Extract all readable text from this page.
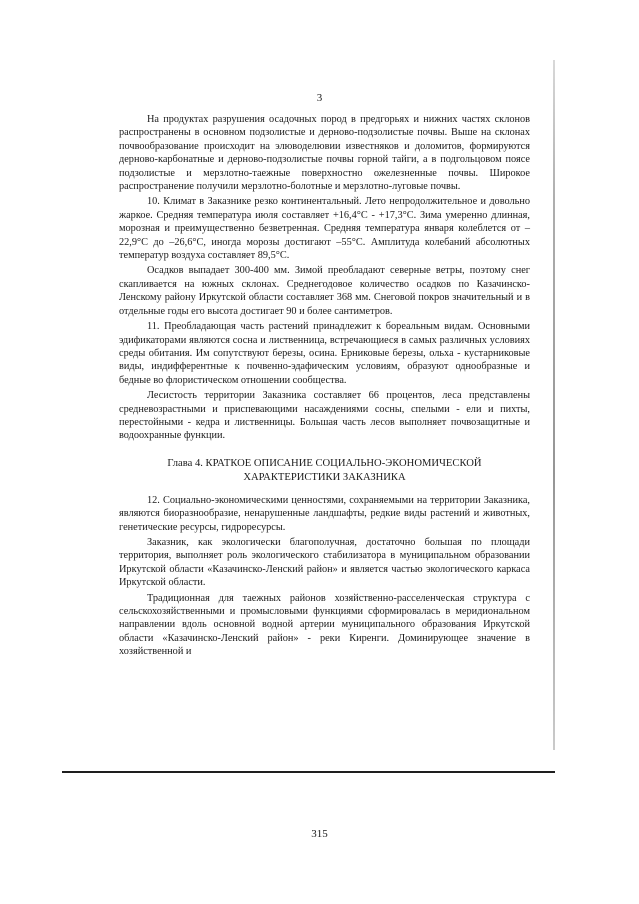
3

На продуктах разрушения осадочных пород в предгорьях и нижних частях склонов распространены в основном подзолистые и дерново-подзолистые почвы. Выше на склонах почвообразование происходит на элюводелювии известняков и доломитов, формируются дерново-карбонатные и дерново-подзолистые почвы горной тайги, а в подгольцовом поясе подзолистые и мерзлотно-таежные поверхностно ожелезненные почвы. Широкое распространение получили мерзлотно-болотные и мерзлотно-луговые почвы.

10. Климат в Заказнике резко континентальный. Лето непродолжительное и довольно жаркое. Средняя температура июля составляет +16,4°С - +17,3°С. Зима умеренно длинная, морозная и преимущественно безветренная. Средняя температура января колеблется от –22,9°С до –26,6°С, иногда морозы достигают –55°С. Амплитуда колебаний абсолютных температур воздуха составляет 89,5°С.

Осадков выпадает 300-400 мм. Зимой преобладают северные ветры, поэтому снег скапливается на южных склонах. Среднегодовое количество осадков по Казачинско-Ленскому району Иркутской области составляет 368 мм. Снеговой покров значительный и в отдельные годы его высота достигает 90 и более сантиметров.

11. Преобладающая часть растений принадлежит к бореальным видам. Основными эдификаторами являются сосна и лиственница, встречающиеся в самых различных условиях среды обитания. Им сопутствуют березы, осина. Ерниковые березы, ольха - кустарниковые виды, индифферентные к почвенно-эдафическим условиям, образуют однообразные и бедные во флористическом отношении сообщества.

Лесистость территории Заказника составляет 66 процентов, леса представлены средневозрастными и приспевающими насаждениями сосны, спелыми - ели и пихты, перестойными - кедра и лиственницы. Большая часть лесов выполняет почвозащитные и водоохранные функции.

Глава 4. КРАТКОЕ ОПИСАНИЕ СОЦИАЛЬНО-ЭКОНОМИЧЕСКОЙ
ХАРАКТЕРИСТИКИ ЗАКАЗНИКА

12. Социально-экономическими ценностями, сохраняемыми на территории Заказника, являются биоразнообразие, ненарушенные ландшафты, редкие виды растений и животных, генетические ресурсы, гидроресурсы.

Заказник, как экологически благополучная, достаточно большая по площади территория, выполняет роль экологического стабилизатора в муниципальном образовании Иркутской области «Казачинско-Ленский район» и является частью экологического каркаса Иркутской области.

Традиционная для таежных районов хозяйственно-расселенческая структура с сельскохозяйственными и промысловыми функциями сформировалась в меридиональном направлении вдоль основной водной артерии муниципального образования Иркутской области «Казачинско-Ленский район» - реки Киренги. Доминирующее значение в хозяйственной и

315
